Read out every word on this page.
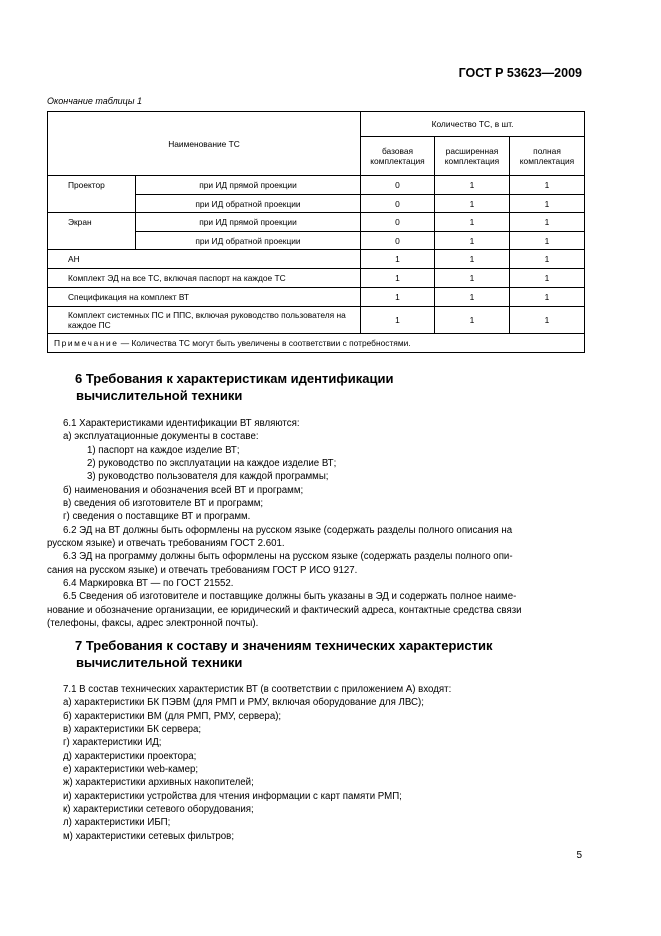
ГОСТ Р 53623—2009
Окончание таблицы 1
Наименование ТС		Количество ТС, в шт.		
		базовая комплектация	расширенная комплектация	полная комплектация
Проектор	при ИД прямой проекции	0	1	1
	при ИД обратной проекции	0	1	1
Экран	при ИД прямой проекции	0	1	1
	при ИД обратной проекции	0	1	1
АН		1	1	1
Комплект ЭД на все ТС, включая паспорт на каждое ТС		1	1	1
Спецификация на комплект ВТ		1	1	1
Комплект системных ПС и ППС, включая руководство пользователя на каждое ПС		1	1	1
Примечание — Количества ТС могут быть увеличены в соответствии с потребностями.				
6 Требования к характеристикам идентификации
вычислительной техники
6.1 Характеристиками идентификации ВТ являются:
а) эксплуатационные документы в составе:
1) паспорт на каждое изделие ВТ;
2) руководство по эксплуатации на каждое изделие ВТ;
3) руководство пользователя для каждой программы;
б) наименования и обозначения всей ВТ и программ;
в) сведения об изготовителе ВТ и программ;
г) сведения о поставщике ВТ и программ.
6.2 ЭД на ВТ должны быть оформлены на русском языке (содержать разделы полного описания на
русском языке) и отвечать требованиям ГОСТ 2.601.
6.3 ЭД на программу должны быть оформлены на русском языке (содержать разделы полного опи-
сания на русском языке) и отвечать требованиям ГОСТ Р ИСО 9127.
6.4 Маркировка ВТ — по ГОСТ 21552.
6.5 Сведения об изготовителе и поставщике должны быть указаны в ЭД и содержать полное наиме-
нование и обозначение организации, ее юридический и фактический адреса, контактные средства связи
(телефоны, факсы, адрес электронной почты).
7 Требования к составу и значениям технических характеристик
вычислительной техники
7.1 В состав технических характеристик ВТ (в соответствии с приложением А) входят:
а) характеристики БК ПЭВМ (для РМП и РМУ, включая оборудование для ЛВС);
б) характеристики ВМ (для РМП, РМУ, сервера);
в) характеристики БК сервера;
г) характеристики ИД;
д) характеристики проектора;
е) характеристики web-камер;
ж) характеристики архивных накопителей;
и) характеристики устройства для чтения информации с карт памяти РМП;
к) характеристики сетевого оборудования;
л) характеристики ИБП;
м) характеристики сетевых фильтров;
5
